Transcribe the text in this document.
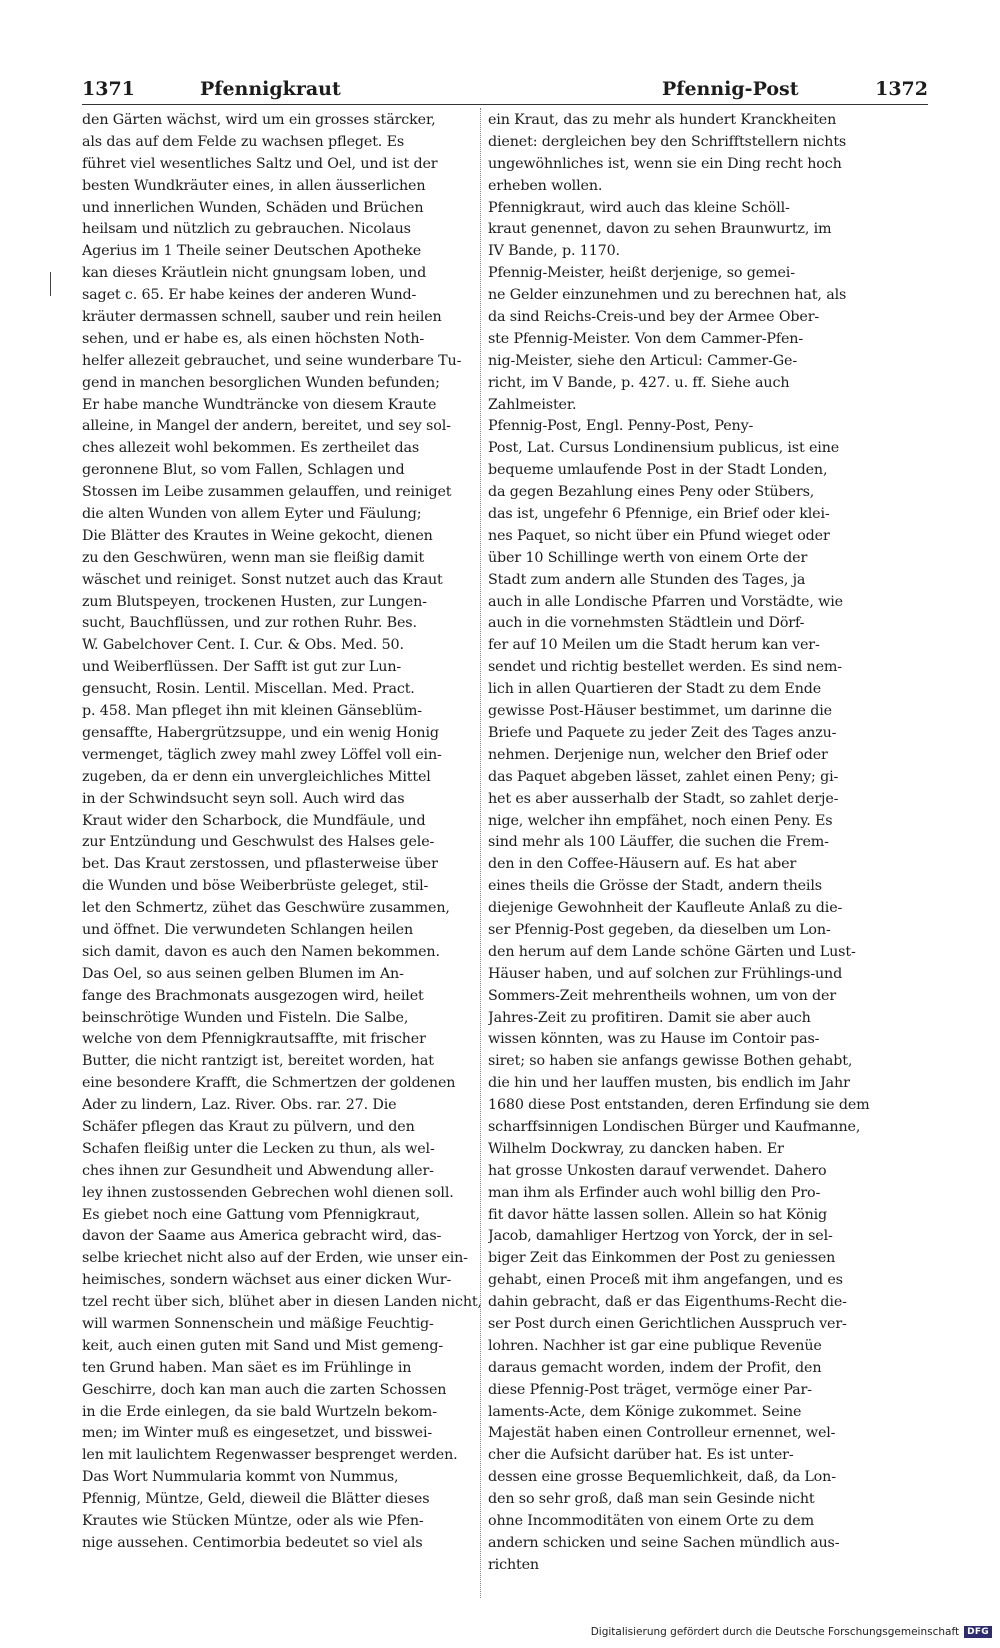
1371	Pfennigkraut	Pfennig-Post	1372
den Gärten wächst, wird um ein grosses stärcker,
als das auf dem Felde zu wachsen pfleget. Es
führet viel wesentliches Saltz und Oel, und ist der
besten Wundkräuter eines, in allen äusserlichen
und innerlichen Wunden, Schäden und Brüchen
heilsam und nützlich zu gebrauchen. Nicolaus
Agerius im 1 Theile seiner Deutschen Apotheke
kan dieses Kräutlein nicht gnungsam loben, und
saget c. 65. Er habe keines der anderen Wund-
kräuter dermassen schnell, sauber und rein heilen
sehen, und er habe es, als einen höchsten Noth-
helfer allezeit gebrauchet, und seine wunderbare Tu-
gend in manchen besorglichen Wunden befunden;
Er habe manche Wundträncke von diesem Kraute
alleine, in Mangel der andern, bereitet, und sey sol-
ches allezeit wohl bekommen. Es zertheilet das
geronnene Blut, so vom Fallen, Schlagen und
Stossen im Leibe zusammen gelauffen, und reiniget
die alten Wunden von allem Eyter und Fäulung;
Die Blätter des Krautes in Weine gekocht, dienen
zu den Geschwüren, wenn man sie fleißig damit
wäschet und reiniget. Sonst nutzet auch das Kraut
zum Blutspeyen, trockenen Husten, zur Lungen-
sucht, Bauchflüssen, und zur rothen Ruhr. Bes.
W. Gabelchover Cent. I. Cur. & Obs. Med. 50.
und Weiberflüssen. Der Safft ist gut zur Lun-
gensucht, Rosin. Lentil. Miscellan. Med. Pract.
p. 458. Man pfleget ihn mit kleinen Gänseblüm-
gensaffte, Habergrützsuppe, und ein wenig Honig
vermenget, täglich zwey mahl zwey Löffel voll ein-
zugeben, da er denn ein unvergleichliches Mittel
in der Schwindsucht seyn soll. Auch wird das
Kraut wider den Scharbock, die Mundfäule, und
zur Entzündung und Geschwulst des Halses gele-
bet. Das Kraut zerstossen, und pflasterweise über
die Wunden und böse Weiberbrüste geleget, stil-
let den Schmertz, zühet das Geschwüre zusammen,
und öffnet. Die verwundeten Schlangen heilen
sich damit, davon es auch den Namen bekommen.
Das Oel, so aus seinen gelben Blumen im An-
fange des Brachmonats ausgezogen wird, heilet
beinschrötige Wunden und Fisteln. Die Salbe,
welche von dem Pfennigkrautsaffte, mit frischer
Butter, die nicht rantzigt ist, bereitet worden, hat
eine besondere Krafft, die Schmertzen der goldenen
Ader zu lindern, Laz. River. Obs. rar. 27. Die
Schäfer pflegen das Kraut zu pülvern, und den
Schafen fleißig unter die Lecken zu thun, als wel-
ches ihnen zur Gesundheit und Abwendung aller-
ley ihnen zustossenden Gebrechen wohl dienen soll.
Es giebet noch eine Gattung vom Pfennigkraut,
davon der Saame aus America gebracht wird, das-
selbe kriechet nicht also auf der Erden, wie unser ein-
heimisches, sondern wächset aus einer dicken Wur-
tzel recht über sich, blühet aber in diesen Landen nicht,
will warmen Sonnenschein und mäßige Feuchtig-
keit, auch einen guten mit Sand und Mist gemeng-
ten Grund haben. Man säet es im Frühlinge in
Geschirre, doch kan man auch die zarten Schossen
in die Erde einlegen, da sie bald Wurtzeln bekom-
men; im Winter muß es eingesetzet, und bisswei-
len mit laulichtem Regenwasser besprenget werden.
Das Wort Nummularia kommt von Nummus,
Pfennig, Müntze, Geld, dieweil die Blätter dieses
Krautes wie Stücken Müntze, oder als wie Pfen-
nige aussehen. Centimorbia bedeutet so viel als
ein Kraut, das zu mehr als hundert Kranckheiten
dienet: dergleichen bey den Schrifftstellern nichts
ungewöhnliches ist, wenn sie ein Ding recht hoch
erheben wollen.
Pfennigkraut, wird auch das kleine Schöll-
kraut genennet, davon zu sehen Braunwurtz, im
IV Bande, p. 1170.
Pfennig-Meister, heißt derjenige, so gemei-
ne Gelder einzunehmen und zu berechnen hat, als
da sind Reichs-Creis-und bey der Armee Ober-
ste Pfennig-Meister. Von dem Cammer-Pfen-
nig-Meister, siehe den Articul: Cammer-Ge-
richt, im V Bande, p. 427. u. ff. Siehe auch
Zahlmeister.
Pfennig-Post, Engl. Penny-Post, Peny-
Post, Lat. Cursus Londinensium publicus, ist eine
bequeme umlaufende Post in der Stadt Londen,
da gegen Bezahlung eines Peny oder Stübers,
das ist, ungefehr 6 Pfennige, ein Brief oder klei-
nes Paquet, so nicht über ein Pfund wieget oder
über 10 Schillinge werth von einem Orte der
Stadt zum andern alle Stunden des Tages, ja
auch in alle Londische Pfarren und Vorstädte, wie
auch in die vornehmsten Städtlein und Dörf-
fer auf 10 Meilen um die Stadt herum kan ver-
sendet und richtig bestellet werden. Es sind nem-
lich in allen Quartieren der Stadt zu dem Ende
gewisse Post-Häuser bestimmet, um darinne die
Briefe und Paquete zu jeder Zeit des Tages anzu-
nehmen. Derjenige nun, welcher den Brief oder
das Paquet abgeben lässet, zahlet einen Peny; gi-
het es aber ausserhalb der Stadt, so zahlet derje-
nige, welcher ihn empfähet, noch einen Peny. Es
sind mehr als 100 Läuffer, die suchen die Frem-
den in den Coffee-Häusern auf. Es hat aber
eines theils die Grösse der Stadt, andern theils
diejenige Gewohnheit der Kaufleute Anlaß zu die-
ser Pfennig-Post gegeben, da dieselben um Lon-
den herum auf dem Lande schöne Gärten und Lust-
Häuser haben, und auf solchen zur Frühlings-und
Sommers-Zeit mehrentheils wohnen, um von der
Jahres-Zeit zu profitiren. Damit sie aber auch
wissen könnten, was zu Hause im Contoir pas-
siret; so haben sie anfangs gewisse Bothen gehabt,
die hin und her lauffen musten, bis endlich im Jahr
1680 diese Post entstanden, deren Erfindung sie dem
scharffsinnigen Londischen Bürger und Kaufmanne,
Wilhelm Dockwray, zu dancken haben. Er
hat grosse Unkosten darauf verwendet. Dahero
man ihm als Erfinder auch wohl billig den Pro-
fit davor hätte lassen sollen. Allein so hat König
Jacob, damahliger Hertzog von Yorck, der in sel-
biger Zeit das Einkommen der Post zu geniessen
gehabt, einen Proceß mit ihm angefangen, und es
dahin gebracht, daß er das Eigenthums-Recht die-
ser Post durch einen Gerichtlichen Ausspruch ver-
lohren. Nachher ist gar eine publique Revenüe
daraus gemacht worden, indem der Profit, den
diese Pfennig-Post träget, vermöge einer Par-
laments-Acte, dem Könige zukommet. Seine
Majestät haben einen Controlleur ernennet, wel-
cher die Aufsicht darüber hat. Es ist unter-
dessen eine grosse Bequemlichkeit, daß, da Lon-
den so sehr groß, daß man sein Gesinde nicht
ohne Incommoditäten von einem Orte zu dem
andern schicken und seine Sachen mündlich aus-
richten
Digitalisierung gefördert durch die Deutsche Forschungsgemeinschaft DFG
